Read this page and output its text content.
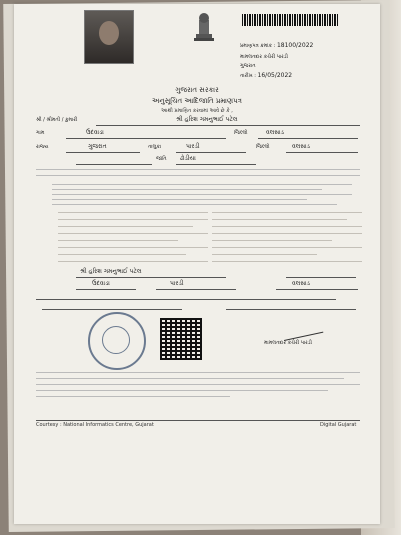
પ્રમાણપત્ર ક્રમાંક : 18100/2022
મામલતદાર કચેરી પારડી
ગુજરાત
તારીખ : 16/05/2022
ગુજરાત સરકાર
અનુસૂચિત આદિજાતિ પ્રમાણપત્ર
આથી પ્રમાણિત કરવામાં આવે છે કે ,
શ્રી / શ્રીમતી / કુમારી	શ્રી હરિશ ગમનુભાઈ પટેલ
ગામ	ઉદવાડા	જિલ્લો	વલસાડ
રાજ્ય	ગુજરાત	તાલુકા	પારડી	જિલ્લો	વલસાડ
જાતિ ઢોડીયા
શ્રી હરિશ ગમનુભાઈ પટેલ
ઉદવાડા	પારડી	વલસાડ
મામલતદાર કચેરી પારડી
Courtesy : National Informatics Centre, Gujarat	Digital Gujarat
